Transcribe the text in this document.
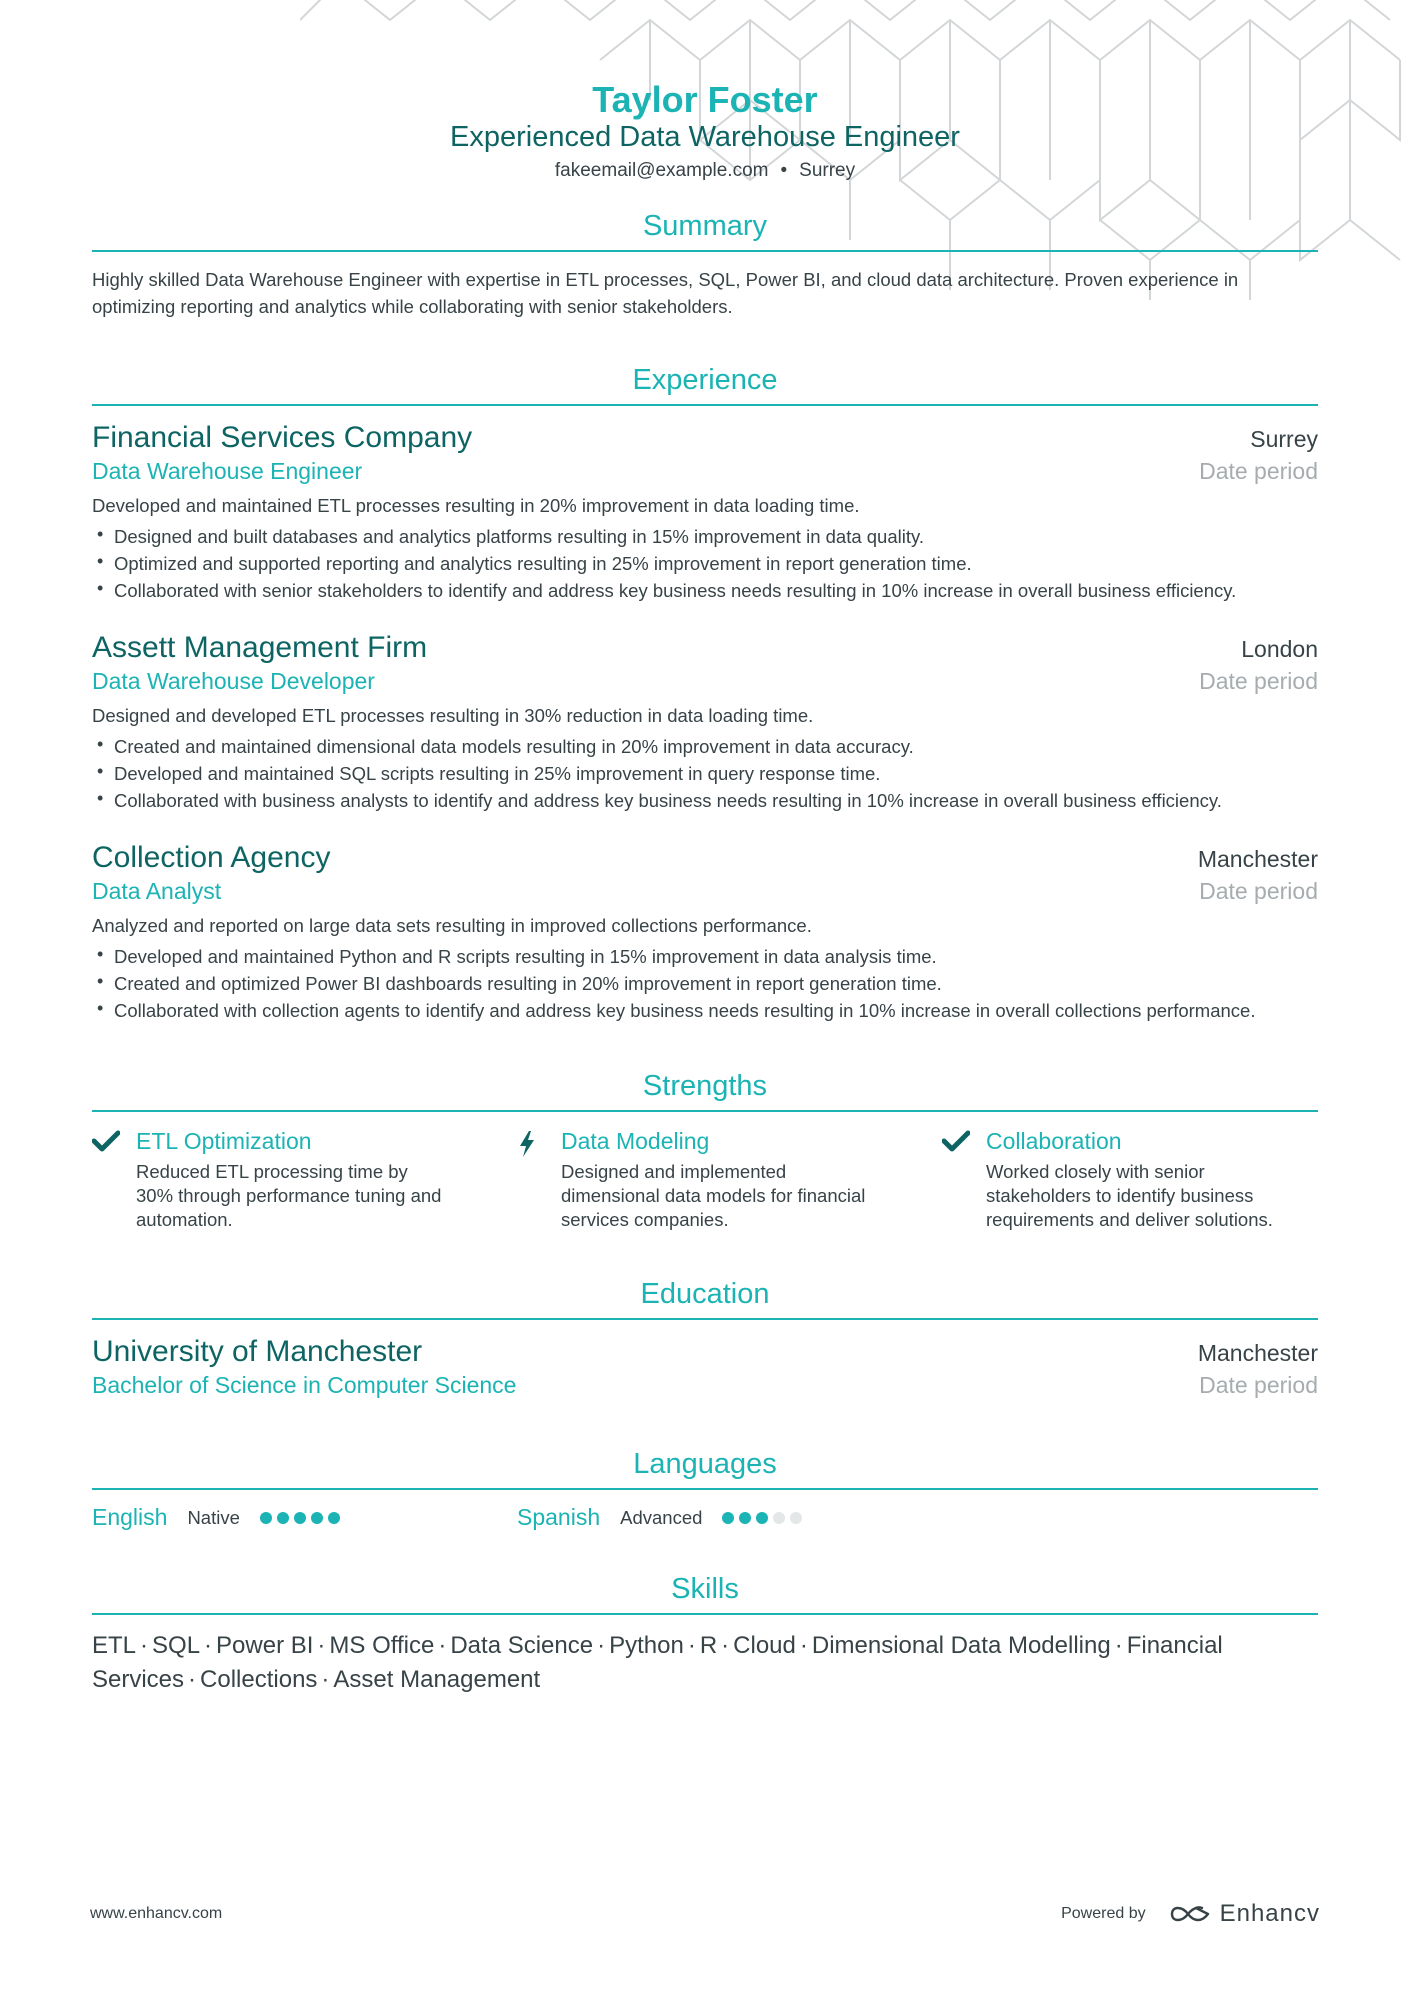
Taylor Foster
Experienced Data Warehouse Engineer
fakeemail@example.com • Surrey
Summary
Highly skilled Data Warehouse Engineer with expertise in ETL processes, SQL, Power BI, and cloud data architecture. Proven experience in optimizing reporting and analytics while collaborating with senior stakeholders.
Experience
Financial Services Company	Surrey
Data Warehouse Engineer	Date period
Developed and maintained ETL processes resulting in 20% improvement in data loading time.
• Designed and built databases and analytics platforms resulting in 15% improvement in data quality.
• Optimized and supported reporting and analytics resulting in 25% improvement in report generation time.
• Collaborated with senior stakeholders to identify and address key business needs resulting in 10% increase in overall business efficiency.
Assett Management Firm	London
Data Warehouse Developer	Date period
Designed and developed ETL processes resulting in 30% reduction in data loading time.
• Created and maintained dimensional data models resulting in 20% improvement in data accuracy.
• Developed and maintained SQL scripts resulting in 25% improvement in query response time.
• Collaborated with business analysts to identify and address key business needs resulting in 10% increase in overall business efficiency.
Collection Agency	Manchester
Data Analyst	Date period
Analyzed and reported on large data sets resulting in improved collections performance.
• Developed and maintained Python and R scripts resulting in 15% improvement in data analysis time.
• Created and optimized Power BI dashboards resulting in 20% improvement in report generation time.
• Collaborated with collection agents to identify and address key business needs resulting in 10% increase in overall collections performance.
Strengths
ETL Optimization
Reduced ETL processing time by 30% through performance tuning and automation.
Data Modeling
Designed and implemented dimensional data models for financial services companies.
Collaboration
Worked closely with senior stakeholders to identify business requirements and deliver solutions.
Education
University of Manchester	Manchester
Bachelor of Science in Computer Science	Date period
Languages
English Native	Spanish Advanced
Skills
ETL · SQL · Power BI · MS Office · Data Science · Python · R · Cloud · Dimensional Data Modelling · Financial Services · Collections · Asset Management
www.enhancv.com	Powered by	Enhancv
